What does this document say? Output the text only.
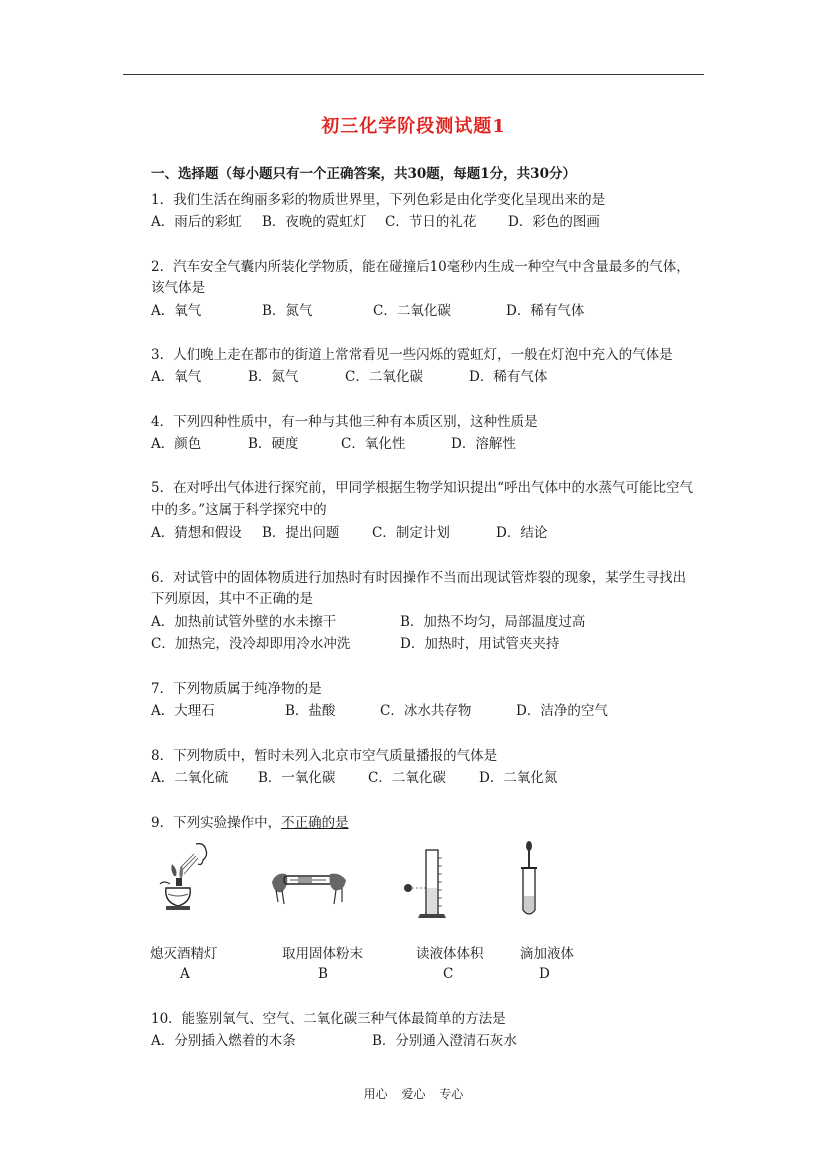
初三化学阶段测试题1
一、选择题（每小题只有一个正确答案，共30题，每题1分，共30分）
1．我们生活在绚丽多彩的物质世界里，下列色彩是由化学变化呈现出来的是
A．雨后的彩虹 B．夜晚的霓虹灯 C．节日的礼花 D．彩色的图画
2．汽车安全气囊内所装化学物质，能在碰撞后10毫秒内生成一种空气中含量最多的气体，
该气体是
A．氧气	B．氮气	C．二氧化碳	D．稀有气体
3．人们晚上走在都市的街道上常常看见一些闪烁的霓虹灯，一般在灯泡中充入的气体是
A．氧气	B．氮气	C．二氧化碳	D．稀有气体
4．下列四种性质中，有一种与其他三种有本质区别，这种性质是
A．颜色	B．硬度	C．氧化性	D．溶解性
5．在对呼出气体进行探究前，甲同学根据生物学知识提出“呼出气体中的水蒸气可能比空气
中的多。”这属于科学探究中的
A．猜想和假设 B．提出问题 C．制定计划	D．结论
6．对试管中的固体物质进行加热时有时因操作不当而出现试管炸裂的现象，某学生寻找出
下列原因，其中不正确的是
A．加热前试管外壁的水未擦干	B．加热不均匀，局部温度过高
C．加热完，没冷却即用冷水冲洗	D．加热时，用试管夹夹持
7．下列物质属于纯净物的是
A．大理石	B．盐酸	C．冰水共存物	D．洁净的空气
8．下列物质中，暂时未列入北京市空气质量播报的气体是
A．二氧化硫 B．一氧化碳 C．二氧化碳 D．二氧化氮
9．下列实验操作中，不正确的是
熄灭酒精灯	取用固体粉末	读液体体积	滴加液体
A	B	C	D
10．能鉴别氧气、空气、二氧化碳三种气体最简单的方法是
A．分别插入燃着的木条	B．分别通入澄清石灰水
用心 爱心 专心
